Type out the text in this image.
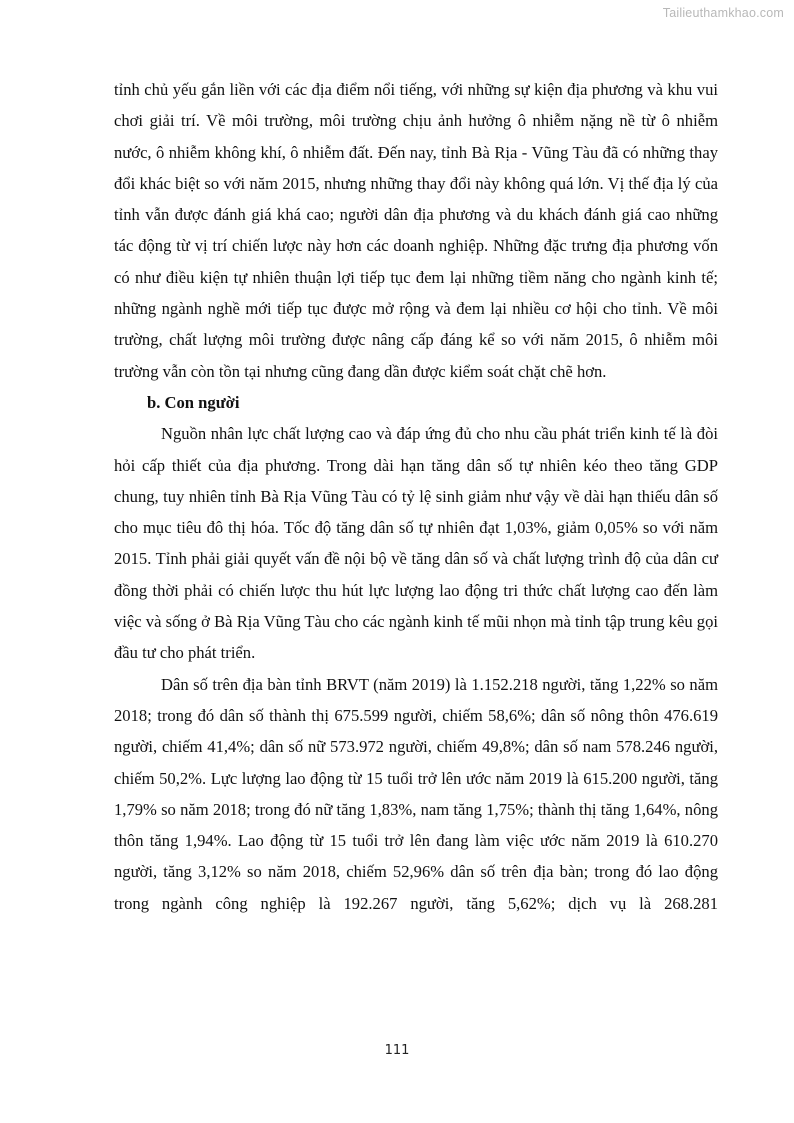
Tailieuthamkhao.com

tỉnh chủ yếu gắn liền với các địa điểm nổi tiếng, với những sự kiện địa phương và khu vui chơi giải trí. Về môi trường, môi trường chịu ảnh hưởng ô nhiễm nặng nề từ ô nhiễm nước, ô nhiễm không khí, ô nhiễm đất. Đến nay, tỉnh Bà Rịa - Vũng Tàu đã có những thay đổi khác biệt so với năm 2015, nhưng những thay đổi này không quá lớn. Vị thế địa lý của tỉnh vẫn được đánh giá khá cao; người dân địa phương và du khách đánh giá cao những tác động từ vị trí chiến lược này hơn các doanh nghiệp. Những đặc trưng địa phương vốn có như điều kiện tự nhiên thuận lợi tiếp tục đem lại những tiềm năng cho ngành kinh tế; những ngành nghề mới tiếp tục được mở rộng và đem lại nhiều cơ hội cho tỉnh. Về môi trường, chất lượng môi trường được nâng cấp đáng kể so với năm 2015, ô nhiễm môi trường vẫn còn tồn tại nhưng cũng đang dần được kiểm soát chặt chẽ hơn.

b. Con người

Nguồn nhân lực chất lượng cao và đáp ứng đủ cho nhu cầu phát triển kinh tế là đòi hỏi cấp thiết của địa phương. Trong dài hạn tăng dân số tự nhiên kéo theo tăng GDP chung, tuy nhiên tỉnh Bà Rịa Vũng Tàu có tỷ lệ sinh giảm như vậy về dài hạn thiếu dân số cho mục tiêu đô thị hóa. Tốc độ tăng dân số tự nhiên đạt 1,03%, giảm 0,05% so với năm 2015. Tỉnh phải giải quyết vấn đề nội bộ về tăng dân số và chất lượng trình độ của dân cư đồng thời phải có chiến lược thu hút lực lượng lao động tri thức chất lượng cao đến làm việc và sống ở Bà Rịa Vũng Tàu cho các ngành kinh tế mũi nhọn mà tỉnh tập trung kêu gọi đầu tư cho phát triển.

Dân số trên địa bàn tỉnh BRVT (năm 2019) là 1.152.218 người, tăng 1,22% so năm 2018; trong đó dân số thành thị 675.599 người, chiếm 58,6%; dân số nông thôn 476.619 người, chiếm 41,4%; dân số nữ 573.972 người, chiếm 49,8%; dân số nam 578.246 người, chiếm 50,2%. Lực lượng lao động từ 15 tuổi trở lên ước năm 2019 là 615.200 người, tăng 1,79% so năm 2018; trong đó nữ tăng 1,83%, nam tăng 1,75%; thành thị tăng 1,64%, nông thôn tăng 1,94%. Lao động từ 15 tuổi trở lên đang làm việc ước năm 2019 là 610.270 người, tăng 3,12% so năm 2018, chiếm 52,96% dân số trên địa bàn; trong đó lao động trong ngành công nghiệp là 192.267 người, tăng 5,62%; dịch vụ là 268.281

111
